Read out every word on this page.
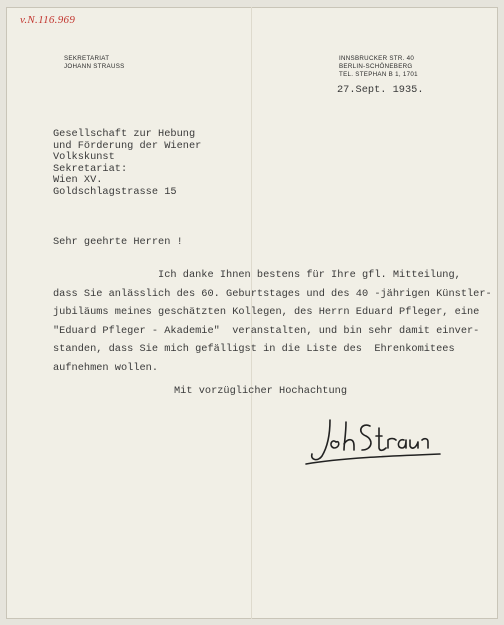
v.N.116.969
SEKRETARIAT
JOHANN STRAUSS
INNSBRUCKER STR. 40
BERLIN-SCHÖNEBERG
TEL. STEPHAN B 1, 1701
27.Sept. 1935.
Gesellschaft zur Hebung
und Förderung der Wiener
Volkskunst
Sekretariat:
Wien XV.
Goldschlagstrasse 15
Sehr geehrte Herren !
Ich danke Ihnen bestens für Ihre gfl. Mitteilung,
dass Sie anlässlich des 60. Geburtstages und des 40 -jährigen Künstler-
jubiläums meines geschätzten Kollegen, des Herrn Eduard Pfleger, eine
"Eduard Pfleger - Akademie"  veranstalten, und bin sehr damit einver-
standen, dass Sie mich gefälligst in die Liste des  Ehrenkomitees
aufnehmen wollen.
Mit vorzüglicher Hochachtung
